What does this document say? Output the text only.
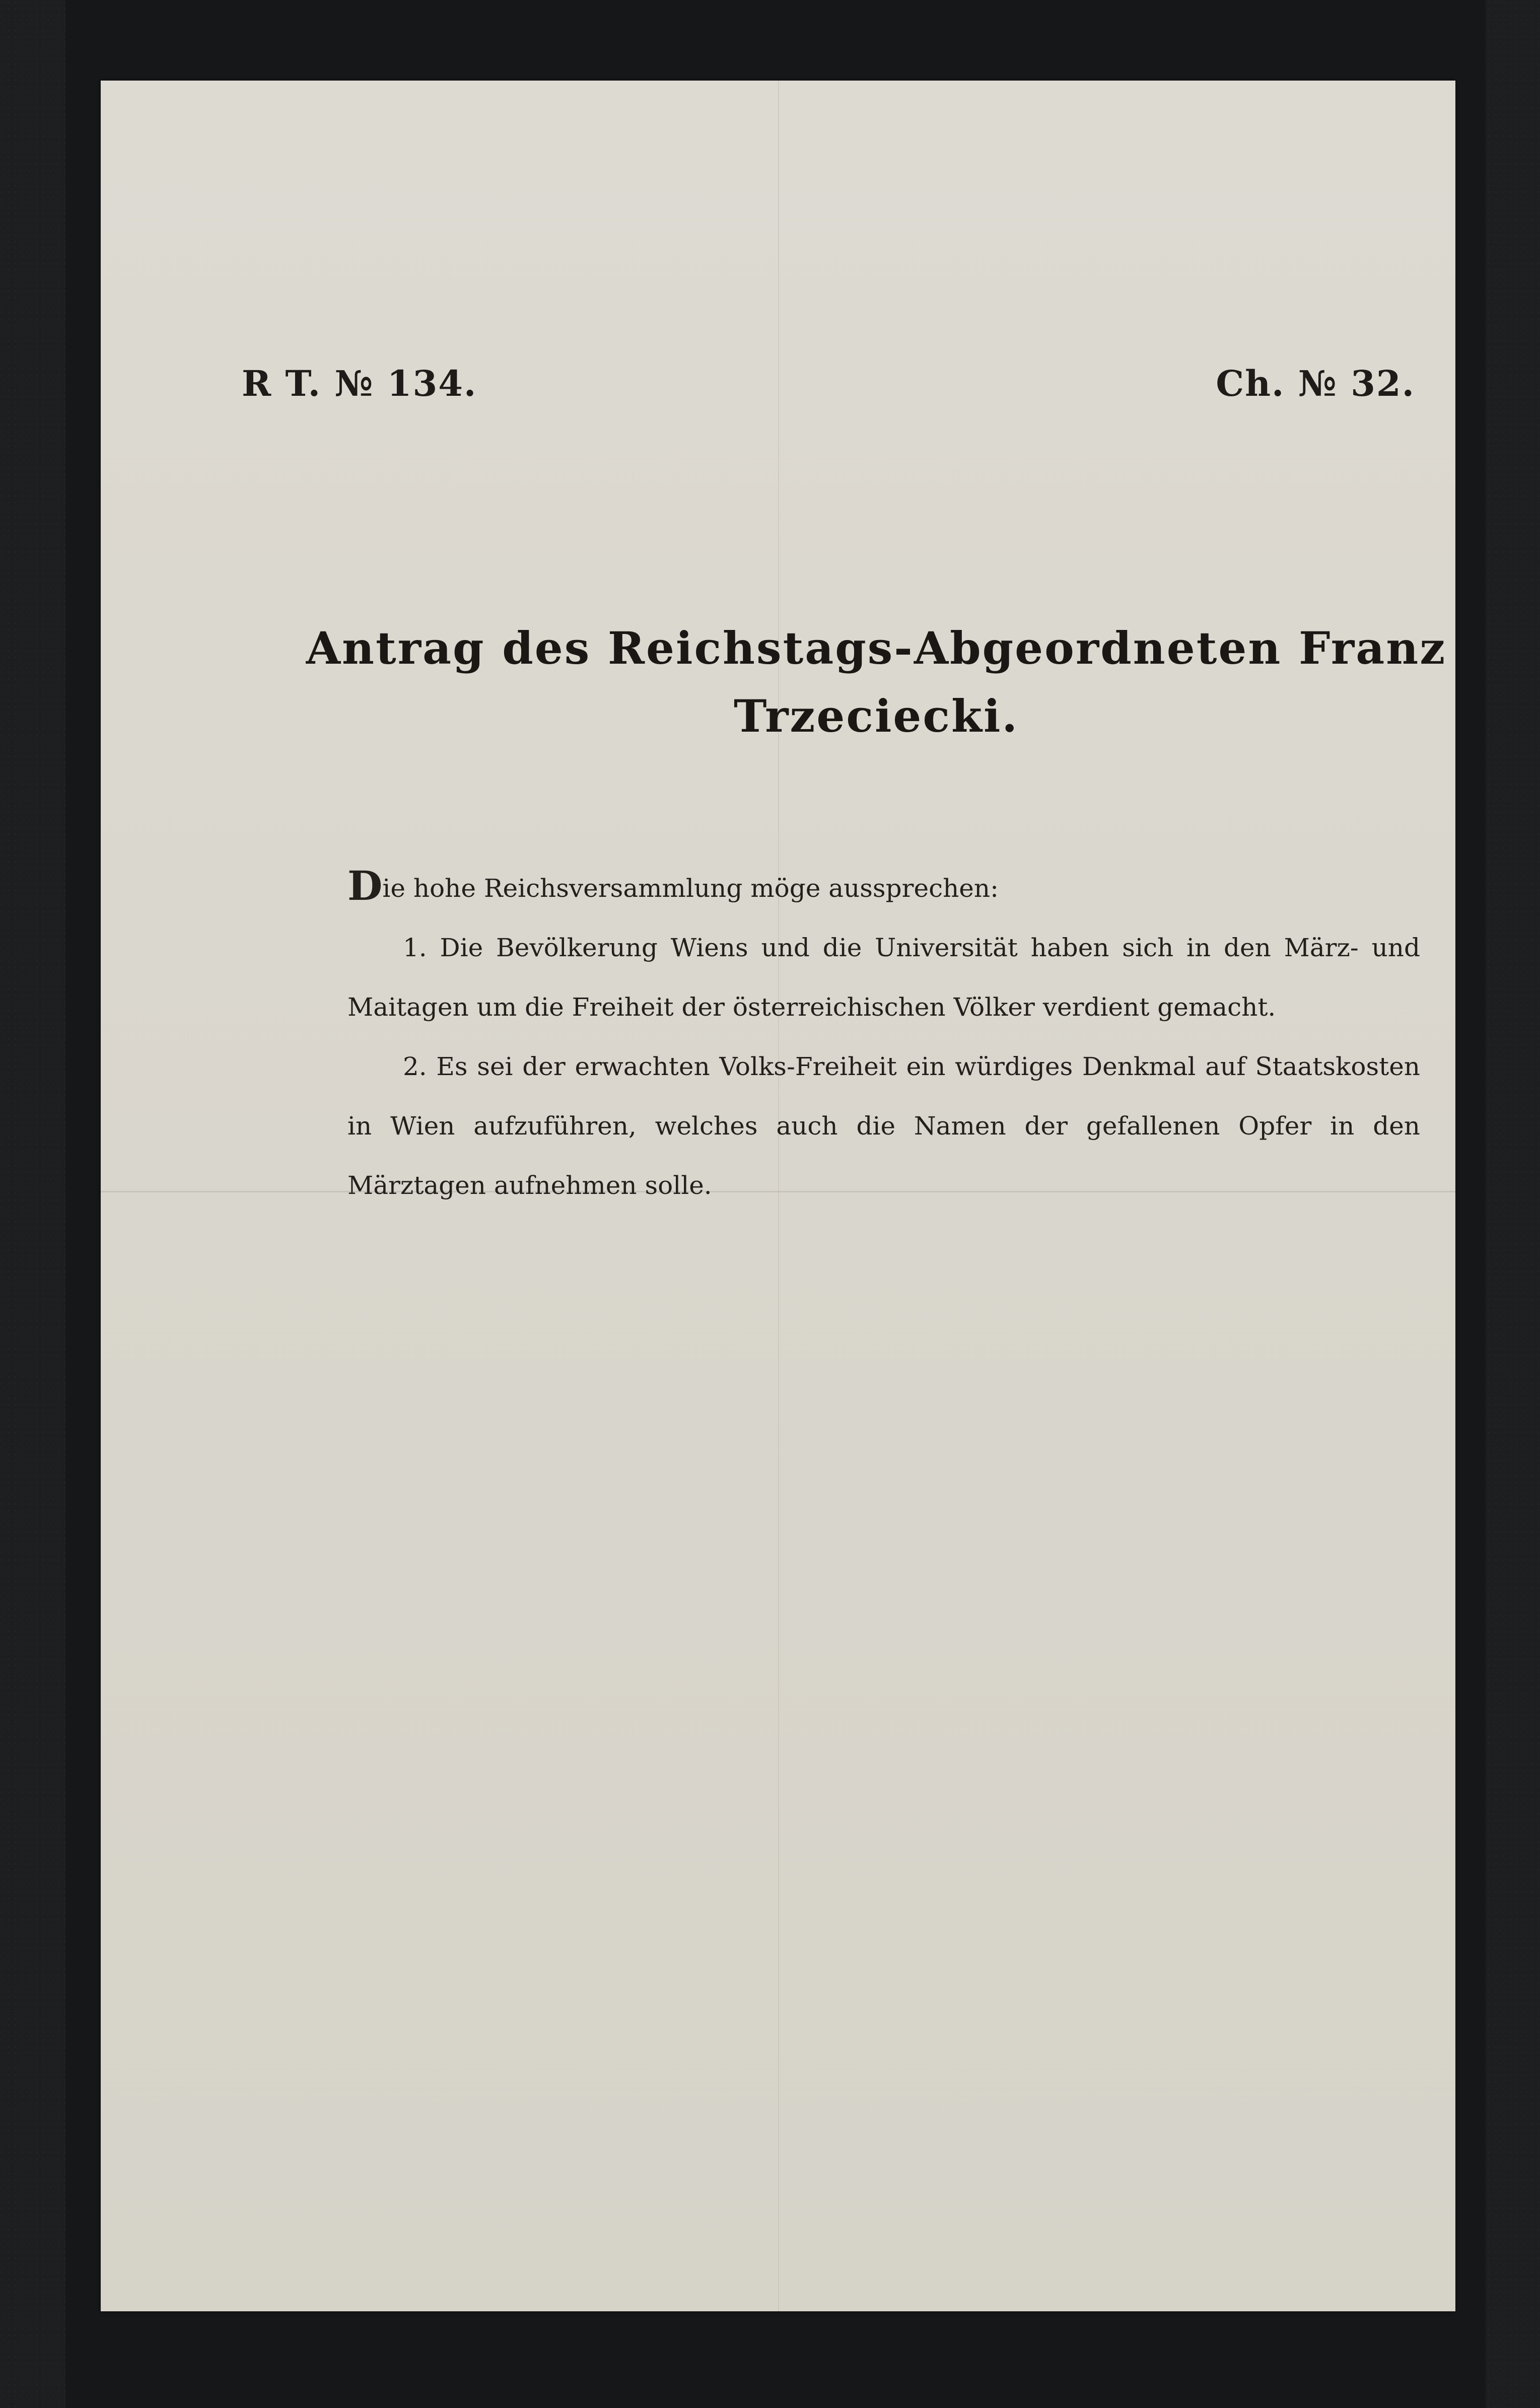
R T. № 134.	Ch. № 32.
Antrag des Reichstags-Abgeordneten Franz Trzeciecki.

Die hohe Reichsversammlung möge aussprechen:

1. Die Bevölkerung Wiens und die Universität haben sich in den März- und Maitagen um die Freiheit der österreichischen Völker verdient gemacht.

2. Es sei der erwachten Volks-Freiheit ein würdiges Denkmal auf Staatskosten in Wien aufzuführen, welches auch die Namen der gefallenen Opfer in den Märztagen aufnehmen solle.
